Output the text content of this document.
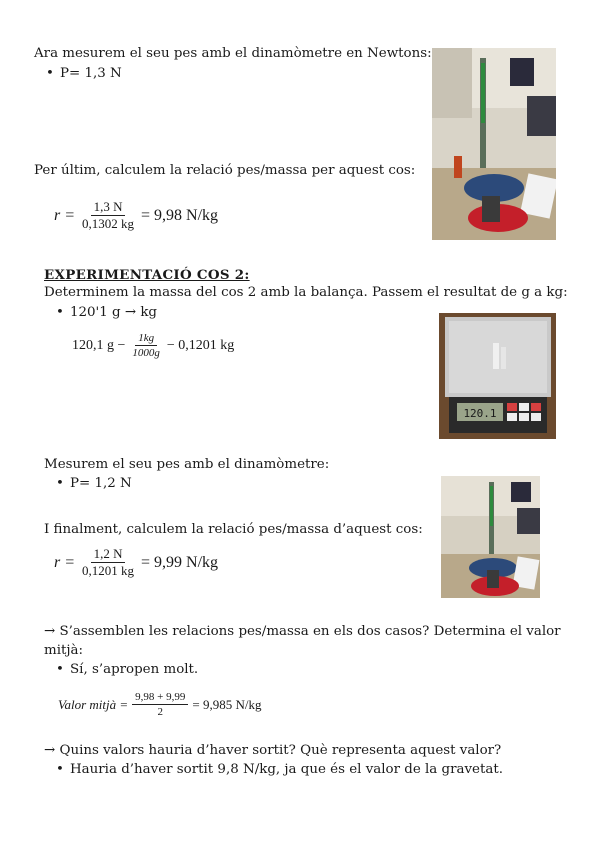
Ara mesurem el seu pes amb el dinamòmetre en Newtons:
• P= 1,3 N
Per últim, calculem la relació pes/massa per aquest cos:
$r = \frac{1,3 N}{0,1302 kg} = 9,98$ N/kg
EXPERIMENTACIÓ COS 2:
Determinem la massa del cos 2 amb la balança. Passem el resultat de g a kg:
• 120'1 g → kg
120,1 $g - \frac{1kg}{1000g} - 0,1201$ kg
120.1
Mesurem el seu pes amb el dinamòmetre:
• P= 1,2 N
I finalment, calculem la relació pes/massa d’aquest cos:
$r = \frac{1,2 N}{0,1201 kg} = 9,99$ N/kg
→ S’assemblen les relacions pes/massa en els dos casos? Determina el valor
mitjà:
• Sí, s’apropen molt.
Valor mitjà = $\frac{9,98 + 9,99}{2} = 9,985$ N/kg
→ Quins valors hauria d’haver sortit? Què representa aquest valor?
• Hauria d’haver sortit 9,8 N/kg, ja que és el valor de la gravetat.
